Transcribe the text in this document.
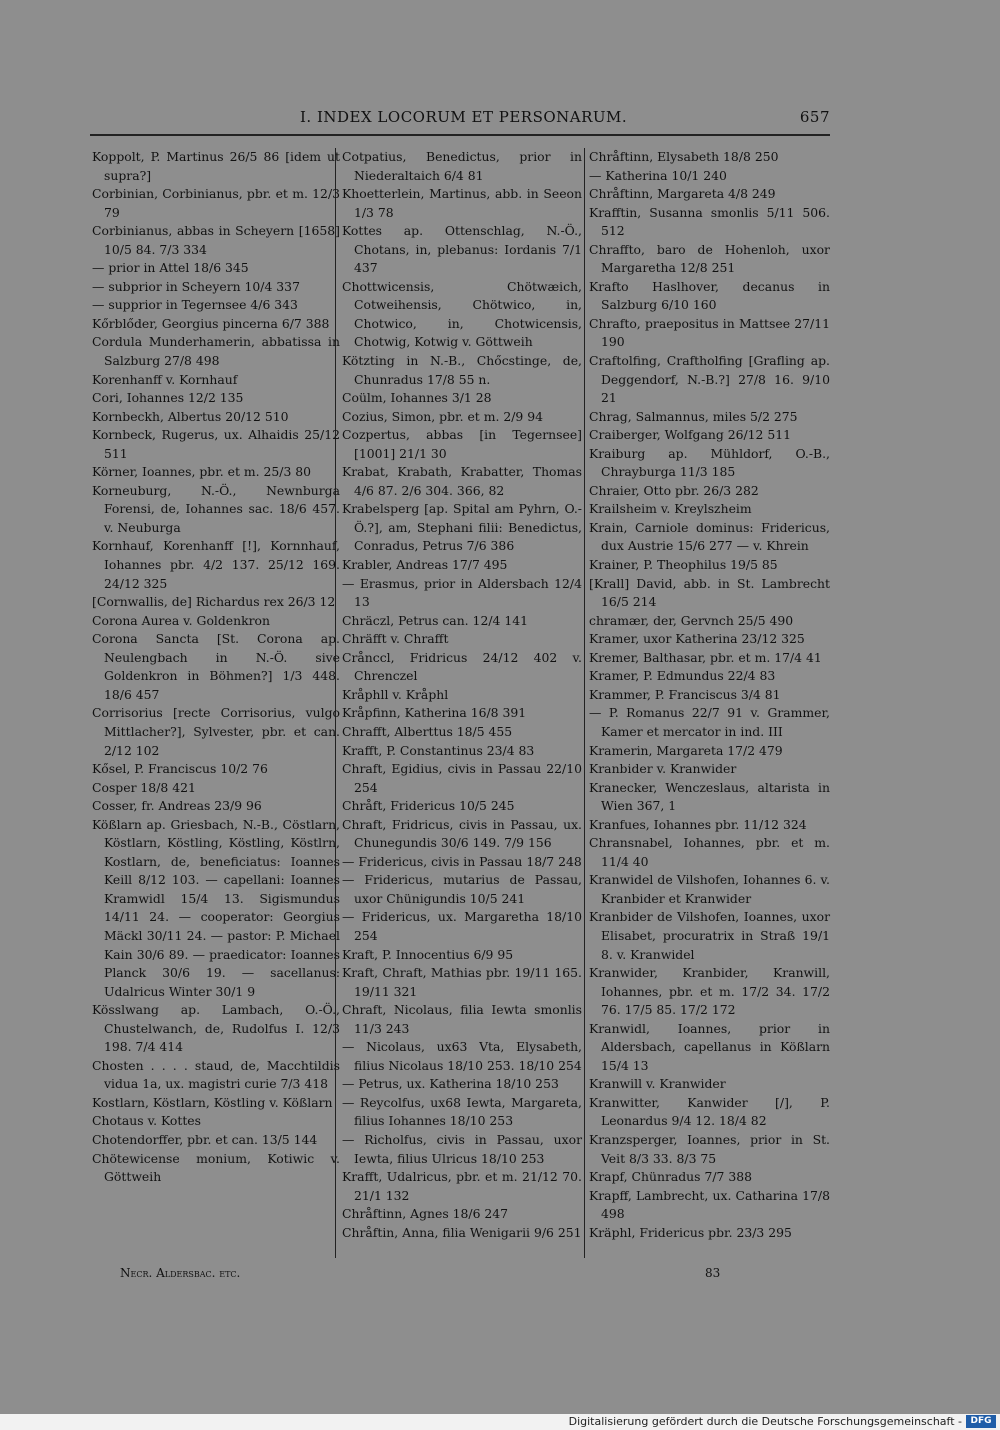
I. INDEX LOCORUM ET PERSONARUM.	657

Koppolt, P. Martinus 26/5 86 [idem ut supra?]

Corbinian, Corbinianus, pbr. et m. 12/3 79

Corbinianus, abbas in Scheyern [1658] 10/5 84. 7/3 334

— prior in Attel 18/6 345

— subprior in Scheyern 10/4 337

— supprior in Tegernsee 4/6 343

Kőrblőder, Georgius pincerna 6/7 388

Cordula Munderhamerin, abbatissa in Salzburg 27/8 498

Korenhanff v. Kornhauf

Cori, Iohannes 12/2 135

Kornbeckh, Albertus 20/12 510

Kornbeck, Rugerus, ux. Alhaidis 25/12 511

Körner, Ioannes, pbr. et m. 25/3 80

Korneuburg, N.-Ö., Newnburga Forensi, de, Iohannes sac. 18/6 457. v. Neuburga

Kornhauf, Korenhanff [!], Kornnhauf, Iohannes pbr. 4/2 137. 25/12 169. 24/12 325

[Cornwallis, de] Richardus rex 26/3 12

Corona Aurea v. Goldenkron

Corona Sancta [St. Corona ap. Neulengbach in N.-Ö. sive Goldenkron in Böhmen?] 1/3 448. 18/6 457

Corrisorius [recte Corrisorius, vulgo Mittlacher?], Sylvester, pbr. et can. 2/12 102

Kősel, P. Franciscus 10/2 76

Cosper 18/8 421

Cosser, fr. Andreas 23/9 96

Kößlarn ap. Griesbach, N.-B., Cöstlarn, Köstlarn, Köstling, Köstling, Köstlrn, Kostlarn, de, beneficiatus: Ioannes Keill 8/12 103. — capellani: Ioannes Kramwidl 15/4 13. Sigismundus 14/11 24. — cooperator: Georgius Mäckl 30/11 24. — pastor: P. Michael Kain 30/6 89. — praedicator: Ioannes Planck 30/6 19. — sacellanus: Udalricus Winter 30/1 9

Kösslwang ap. Lambach, O.-Ö., Chustelwanch, de, Rudolfus I. 12/3 198. 7/4 414

Chosten . . . . staud, de, Macchtildis vidua 1a, ux. magistri curie 7/3 418

Kostlarn, Köstlarn, Köstling v. Kößlarn

Chotaus v. Kottes

Chotendorffer, pbr. et can. 13/5 144

Chötewicense monium, Kotiwic v. Göttweih

Cotpatius, Benedictus, prior in Niederaltaich 6/4 81

Khoetterlein, Martinus, abb. in Seeon 1/3 78

Kottes ap. Ottenschlag, N.-Ö., Chotans, in, plebanus: Iordanis 7/1 437

Chottwicensis, Chötwæich, Cotweihensis, Chötwico, in, Chotwico, in, Chotwicensis, Chotwig, Kotwig v. Göttweih

Kötzting in N.-B., Chőcstinge, de, Chunradus 17/8 55 n.

Coülm, Iohannes 3/1 28

Cozius, Simon, pbr. et m. 2/9 94

Cozpertus, abbas [in Tegernsee] [1001] 21/1 30

Krabat, Krabath, Krabatter, Thomas 4/6 87. 2/6 304. 366, 82

Krabelsperg [ap. Spital am Pyhrn, O.-Ö.?], am, Stephani filii: Benedictus, Conradus, Petrus 7/6 386

Krabler, Andreas 17/7 495

— Erasmus, prior in Aldersbach 12/4 13

Chräczl, Petrus can. 12/4 141

Chräfft v. Chrafft

Crånccl, Fridricus 24/12 402 v. Chrenczel

Kråphll v. Kråphl

Kråpfinn, Katherina 16/8 391

Chrafft, Alberttus 18/5 455

Krafft, P. Constantinus 23/4 83

Chraft, Egidius, civis in Passau 22/10 254

Chråft, Fridericus 10/5 245

Chraft, Fridricus, civis in Passau, ux. Chunegundis 30/6 149. 7/9 156

— Fridericus, civis in Passau 18/7 248

— Fridericus, mutarius de Passau, uxor Chünigundis 10/5 241

— Fridericus, ux. Margaretha 18/10 254

Kraft, P. Innocentius 6/9 95

Kraft, Chraft, Mathias pbr. 19/11 165. 19/11 321

Chraft, Nicolaus, filia Iewta smonlis 11/3 243

— Nicolaus, ux63 Vta, Elysabeth, filius Nicolaus 18/10 253. 18/10 254

— Petrus, ux. Katherina 18/10 253

— Reycolfus, ux68 Iewta, Margareta, filius Iohannes 18/10 253

— Richolfus, civis in Passau, uxor Iewta, filius Ulricus 18/10 253

Krafft, Udalricus, pbr. et m. 21/12 70. 21/1 132

Chråftinn, Agnes 18/6 247

Chråftin, Anna, filia Wenigarii 9/6 251

Chråftinn, Elysabeth 18/8 250

— Katherina 10/1 240

Chråftinn, Margareta 4/8 249

Krafftin, Susanna smonlis 5/11 506. 512

Chraffto, baro de Hohenloh, uxor Margaretha 12/8 251

Krafto Haslhover, decanus in Salzburg 6/10 160

Chrafto, praepositus in Mattsee 27/11 190

Craftolfing, Craftholfing [Grafling ap. Deggendorf, N.-B.?] 27/8 16. 9/10 21

Chrag, Salmannus, miles 5/2 275

Craiberger, Wolfgang 26/12 511

Kraiburg ap. Mühldorf, O.-B., Chrayburga 11/3 185

Chraier, Otto pbr. 26/3 282

Krailsheim v. Kreylszheim

Krain, Carniole dominus: Fridericus, dux Austrie 15/6 277 — v. Khrein

Krainer, P. Theophilus 19/5 85

[Krall] David, abb. in St. Lambrecht 16/5 214

chramær, der, Gervnch 25/5 490

Kramer, uxor Katherina 23/12 325

Kremer, Balthasar, pbr. et m. 17/4 41

Kramer, P. Edmundus 22/4 83

Krammer, P. Franciscus 3/4 81

— P. Romanus 22/7 91 v. Grammer, Kamer et mercator in ind. III

Kramerin, Margareta 17/2 479

Kranbider v. Kranwider

Kranecker, Wenczeslaus, altarista in Wien 367, 1

Kranfues, Iohannes pbr. 11/12 324

Chransnabel, Iohannes, pbr. et m. 11/4 40

Kranwidel de Vilshofen, Iohannes 6. v. Kranbider et Kranwider

Kranbider de Vilshofen, Ioannes, uxor Elisabet, procuratrix in Straß 19/1 8. v. Kranwidel

Kranwider, Kranbider, Kranwill, Iohannes, pbr. et m. 17/2 34. 17/2 76. 17/5 85. 17/2 172

Kranwidl, Ioannes, prior in Aldersbach, capellanus in Kößlarn 15/4 13

Kranwill v. Kranwider

Kranwitter, Kanwider [/], P. Leonardus 9/4 12. 18/4 82

Kranzsperger, Ioannes, prior in St. Veit 8/3 33. 8/3 75

Krapf, Chünradus 7/7 388

Krapff, Lambrecht, ux. Catharina 17/8 498

Kräphl, Fridericus pbr. 23/3 295

Necr. Aldersbac. etc.	83
Digitalisierung gefördert durch die Deutsche Forschungsgemeinschaft - DFG
